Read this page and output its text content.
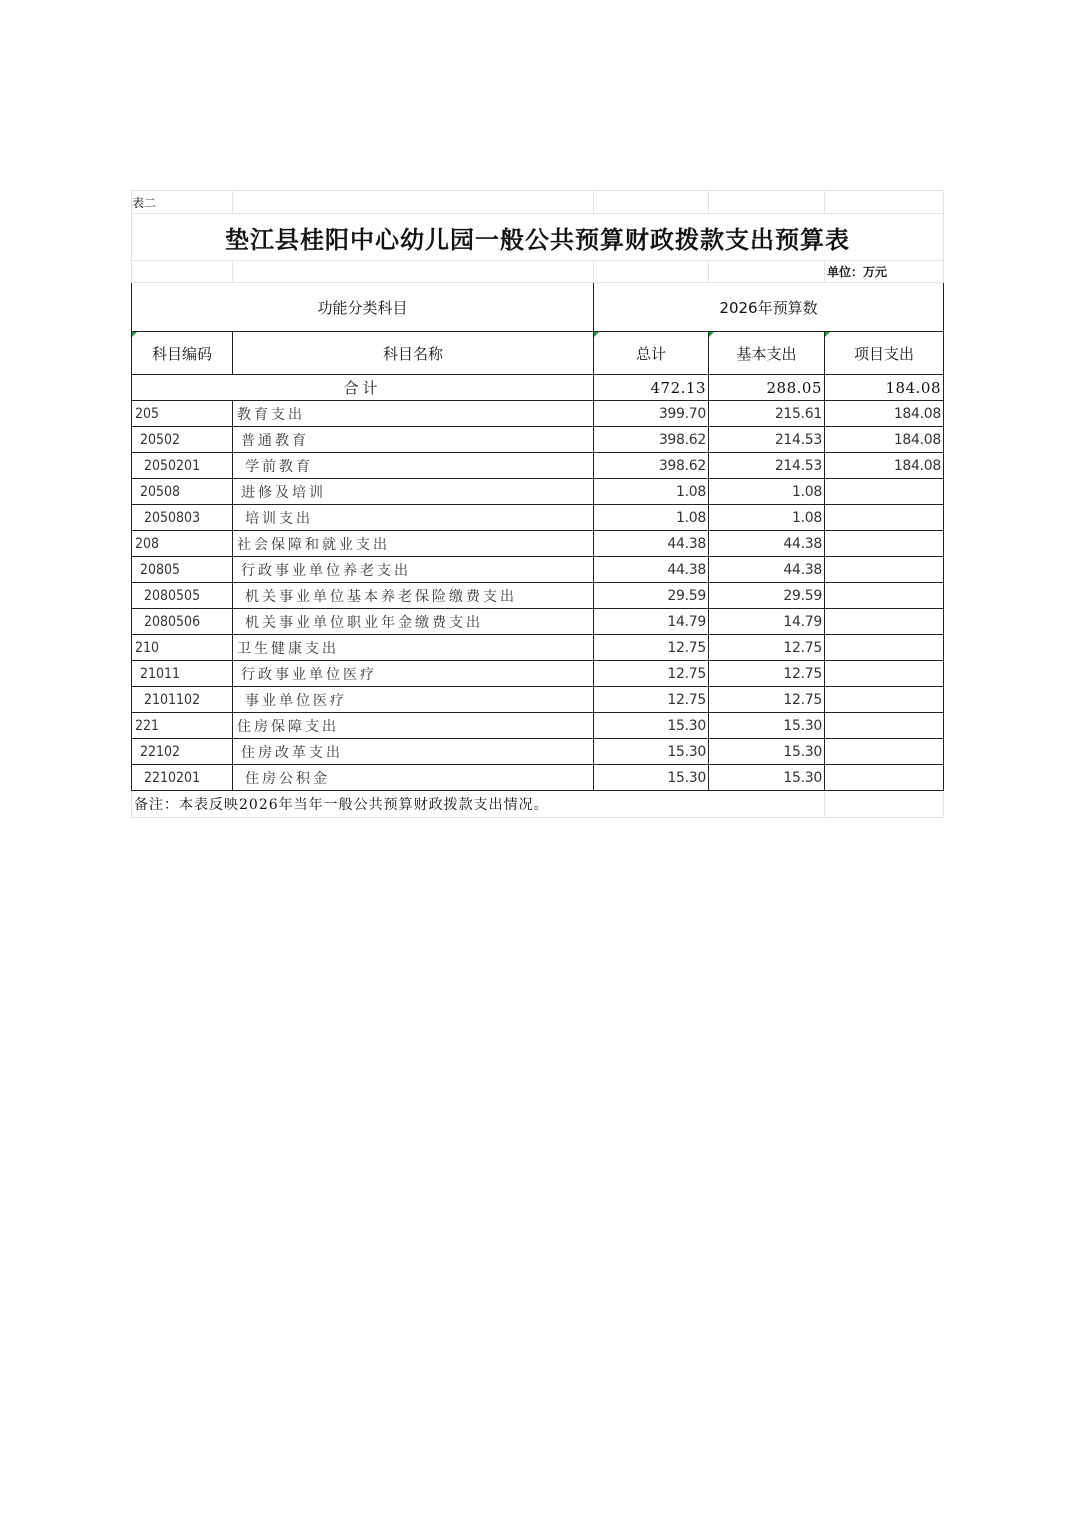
表二				
垫江县桂阳中心幼儿园一般公共预算财政拨款支出预算表				
				单位：万元
功能分类科目		2026年预算数		
科目编码	科目名称	总计	基本支出	项目支出
合计		472.13	288.05	184.08
205	教育支出	399.70	215.61	184.08
20502	普通教育	398.62	214.53	184.08
2050201	学前教育	398.62	214.53	184.08
20508	进修及培训	1.08	1.08	
2050803	培训支出	1.08	1.08	
208	社会保障和就业支出	44.38	44.38	
20805	行政事业单位养老支出	44.38	44.38	
2080505	机关事业单位基本养老保险缴费支出	29.59	29.59	
2080506	机关事业单位职业年金缴费支出	14.79	14.79	
210	卫生健康支出	12.75	12.75	
21011	行政事业单位医疗	12.75	12.75	
2101102	事业单位医疗	12.75	12.75	
221	住房保障支出	15.30	15.30	
22102	住房改革支出	15.30	15.30	
2210201	住房公积金	15.30	15.30	
备注：本表反映2026年当年一般公共预算财政拨款支出情况。				
